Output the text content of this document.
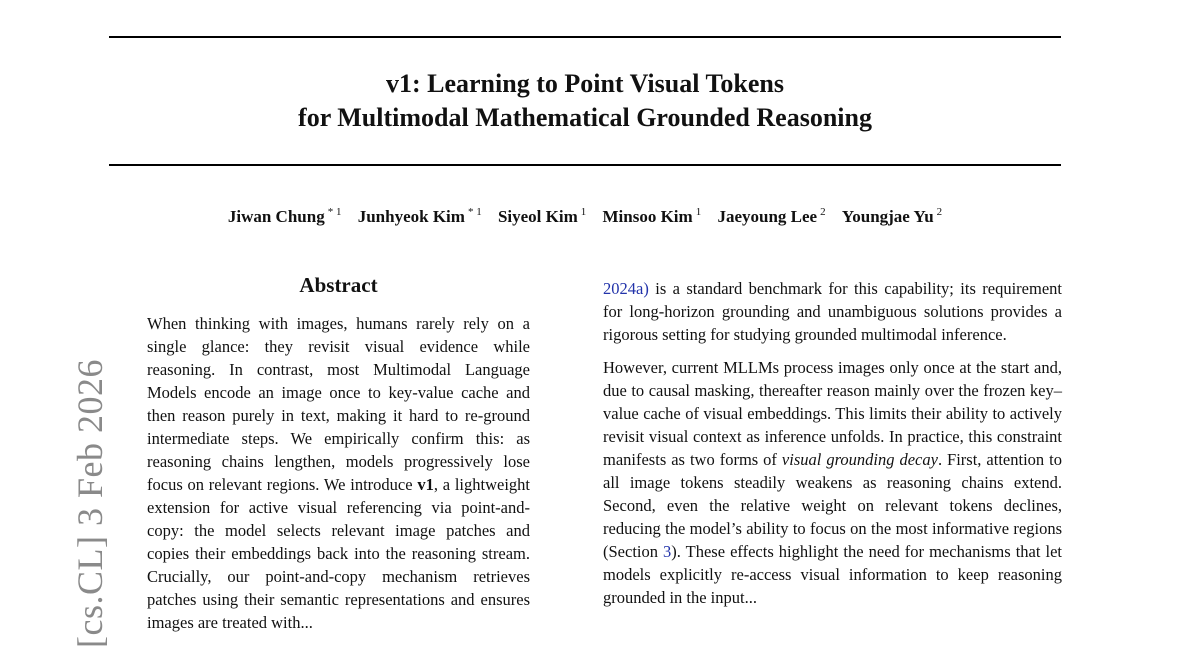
v1: Learning to Point Visual Tokens
for Multimodal Mathematical Grounded Reasoning
Jiwan Chung $^{* 1}$ Junhyeok Kim $^{* 1}$ Siyeol Kim $^1$ Minsoo Kim $^1$ Jaeyoung Lee $^2$ Youngjae Yu $^2$
Abstract

When thinking with images, humans rarely rely on a single glance: they revisit visual evidence while reasoning. In contrast, most Multimodal Language Models encode an image once to key-value cache and then reason purely in text, making it hard to re-ground intermediate steps. We empirically confirm this: as reasoning chains lengthen, models progressively lose focus on relevant regions. We introduce v1, a lightweight extension for active visual referencing via point-and-copy: the model selects relevant image patches and copies their embeddings back into the reasoning stream. Crucially, our point-and-copy mechanism retrieves patches using their semantic representations and ensures images are treated with...

2024a) is a standard benchmark for this capability; its requirement for long-horizon grounding and unambiguous solutions provides a rigorous setting for studying grounded multimodal inference.

However, current MLLMs process images only once at the start and, due to causal masking, thereafter reason mainly over the frozen key–value cache of visual embeddings. This limits their ability to actively revisit visual context as inference unfolds. In practice, this constraint manifests as two forms of visual grounding decay. First, attention to all image tokens steadily weakens as reasoning chains extend. Second, even the relative weight on relevant tokens declines, reducing the model’s ability to focus on the most informative regions (Section 3). These effects highlight the need for mechanisms that let models explicitly re-access visual information to keep reasoning grounded in the input...

[cs.CL] 3 Feb 2026
